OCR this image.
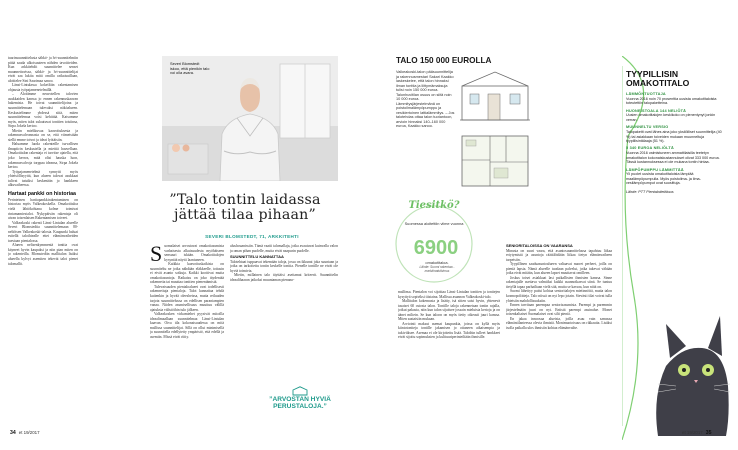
tuarinsuunnittelusta sähkö- ja lvi-suunnitelmiin pitää saada ulkoisuuteen nähden tavoitteiden. Kun arkkitehdit suunnittelee senset muunnettavissa, sähkö- ja lvi-suunnittelijat eivät saa lukita mitä omilla ratkaisuillaan, aloittelee Sini Saarimaa sanoo.

Länsi-Lintulassa kokeiltiin rakentamisen ohjausta työpajamenetelmillä.

– Aloitimme neuvotellen talovien asukkaiden kanssa jo ennen rakennuskaavan hakemista. He toivat suunnittelijoina ja suunnittelemaan tulevaksi näköalueen. Keskustelimme yhdessä siitä, miten suunnittelemaa voisi kehittää. Katsomme myös, miten talot sulautuvat tonttien toisiinsa, Sirpa Jokela kertoo.

Mietin mielikuvaa kaavoituksesta ja rakennusvalvonnasta on se, että viimeistään siellä emme toivot ja ideat lyötäisiin.

Haluamme luoda rakenteille turvallisen ilmapiirin keskustella ja miettiä hauvellaan. Omakotitalon rakentaja ei tarvitse ajatella, että joko kerros, mitä olisi hauska luon, rakennusvalvoja torppaa ideansa, Sirpa Jokela kertoo.

Työpajamenetelmä synnytti myös yhteisöllisyyttä, kun alueen talovat asukkaat tulivat tutuiksi keskenään jo hankkeen alkuvaiheessa.

Hartaat pankki on historiaa

Perinteinen hartiapankkirakentaminen on historiaa myös Valkeakoskella. Omakotitaloa vielä lähtökohtana kolme toimivat rintamamiestalot. Nykypäivän rakentaja oli aivan toisenlaisen Rakentamisen toiveet.

Valkeakoski rakenti Länsi-Lintulan alueelle Severi Blomstedtia suunnittelemaan 80-neliöisen Valkeakoski-talosta. Kaupunki haluai esitellä taloihtealle ettei elämänvaiheiden tuestaan pientalossa.

Alueen nelisenkymmentä tonttia ovat käyneet hyvin kaupaksi ja niin pian miten on jo rakenteilla. Blomstedtin mallitalon lisäksi alueella kylvyt asemiten tekevät talot pienet talomallit.

Severi Blomstedt iskoo, että pienikin talo voi olla avara.
”Talo tontin laidassa jättää tilaa pihaan”
SEVERI BLOMSTEDT, 71, ARKKITEHTI
S uomalaiset arvostavat omakotiasumista varhaisesta alkuisuudesta myöhäiseen sensuuri iskään. Omakotitalojen kysyntää näytti laantuneen.

Kaikkia kaavoituskaikista on suunniteltu ne jotka nähdään eläkkeelle, tottasin ei eivät asunto sotkuja. Kaikki koottivat mutta omakotiasuntoja. Ratkaisu on joko täydentää rakennetta tai muuttaa tonttien pienentämistä.

Tulevaisuuden pientaloalueet ovat todellisesti rakennettuja pientaloja. Talot kannattaa tehdä kuitenkin ja hyvää oleesheissa, mutta reiluuden tarjota suunnittelussa on edellisen paraniampien vanaa. Niiden asumisellisuus muuttuu välillä ajatuksia välistöihin tulo jälkeen.

Valkeakosken virkamiehet pyysivät mitoilla ideaalimaallaan suunnitelmaa Länsi-Lintulan kaavan. Oiva tila kokonaisuudessa on mitä mallissa suunnittelijat. Sillä on ollut minimisellä ja suunnitella edellytetty ympäristö, että edellä ja asemiin. Missä eivät riitty.

alushouanissiin. Tämä vaatii talomallaja, jotka avautuvat kuinvalla valon ja oman pihan puolelle, mutta eivät naapurin puolelle.

SUUNNITTELU KANNATTAA

Talotehtaat tuppaavat tekemään taloja, jossa on ikkunat joka suuntaan ja jotka on tarkoitettu tontin keskelle tonttia. Pienelle tontille ne eivät ole hyviä toimivia.

Mietin, millainen talo täyttäisi asettamat kriteerit. Suunnittelin ideaalihaaran jatkoksi muuntaman pienano-

”ARVOSTAN HYVIÄ PERUSTALOJA.”
34 et 19/2017
TALO 150 000 EUROLLA
Valkeakoski-talon pääsuunnittelija ja rakennusmestari Sakari Kaakko laskeskelee, että talon hinnaksi ilman tonttia ja liittymämaksuja tulisi noin 150 000 euroa. Talonhuvitilan osuus on siitä noin 10 000 euroa. Lämmitysjärjestelmänä on poistoilmalämpöpumppu ja vesikiertoinen lattialämmitys. – Jos talotehdas ottaa talon tuotantoon, arvioin hinnaksi 140–160 000 euroa, Kaakko sanoo.
Tiesitkö?
Suomessa aloitettiin viime vuonna
6900
omakotitaloa.
Lähde: Suomi rakentaa -markkinatutkimus

mallinsa. Pientalon voi sijoittaa Länsi-Lintulan tonttien ja tonttejen kysyttyä sopiviksi tiistaina. Mallissa asunnon Valkeakoski-talo.

Mallitalon kokemusta ja lisätty, isä sitten saisi hyvin, yhtenevä tasaiset 60 ostosta talon. Tontille taloja rakennetaan tontin rajalla, jotkut pakasta, niin kun talon sijaitsee jossain mieluista kertoja ja on äänet miltein. Se kun taloon on myös tietty oikeasti juuri kanssa. Miten saataisiin mukaan.

Arviointi maksut asemat kaupunkia, joissa on kyllä myös kiintotontteja tontille jakamisen jo ottaneen aikaisempia ja tukiviiksee. Asemaa ei ole kirjoitettu lisää. Taloihin tulleet hankkeet eivät sijoitu sopimuksien ja kulttuuriperinteiltään ihmisille.

SENIORITALOISSA ON VAARANSA

Minusta on suuri vaara, että asuntosuunnittelussa tapahtuu liikaa eriytymistä ja asuntoja räätälöidään liikaa tietyn elämänvaiheen tarpeisiin.

Tyypillinen saaduasuntoalueen valtaavat nuoret perheet, joilla on pieniä lapsia. Nämä alueelle tuodaan palvelut, jotka tukevat vähään jotka eivät mitään, kun alueen lapset muuttavat omilleen.

Joskus toiset asiakkaat lasi paikallisten ihmisten kanssa. Sinne rakentajalle asettava valmiiksi kaikki asunnotkasvat siinä. Se tuntuu tietyllä tapaa parhailtaan vielä sitä, mutta se kasvaa, kun niitä on.

Suomi lähettyy paitsi kohtaa senioritalojen mietinnöitä, mutta talon kosmopoliitteja. Talo niissä on nyt lepo jotain. Sievästi tilat voivat tulla yhteisiin mahdollisuuksiin.

Ennen tarvitaan parempaa seniorisasumista. Parempi ja paremmin järjestelmään juuri on nyt. Entistä parempi asuinalue. Monet toisenkaltaiset Suomalaiset ovat silti pieniä.

En jakaa innoosaa alueista, joilla asuu vain samassa elämäntilanteessa olevia ihmisiä. Monimuotoisuus on rikkautta. Lisäksi isolla paikalla ulos ihmisiin kohtaa elämänvaihe.

TYYPILLISIN OMAKOTITALO
LÄMMÖNTUOTTAJA
Vuonna 2016 noin 70 prosenttia uusista omakotitaloista toteutettiin talopaketteina.
HUONEISTOALA 144 NELIÖTÄ
Uusien omakotitalojen keskikoko on pienentynyt jonkin verran.
MUUNNELTU VERSIO
Talopaketit ovat lähes aina joko yksilölliset suunnittelija (40 %) tai asiakkaan toiveiden mukaan muunneltuja tyypillisintälaaja (51 %).
5 340 EUROA NELIÖLTÄ
Vuonna 2016 valmistuneen ammattilaisilla teetetyn omakotitalon kokonaiskustannukset olivat 333 000 euroa. Tässä kustannuksessa ei ole mukana tontin hintaa.
LÄMPÖPUMPPU LÄMMITTÄÄ
Yli puolet uusista omakotitaloista lämpiää maalämpöpumpulla. Myös poistoilma- ja ilma-vesilämpöpumput ovat suosittuja.
Lähde: PTT Pientalotietätuus
et 19/2017 35
